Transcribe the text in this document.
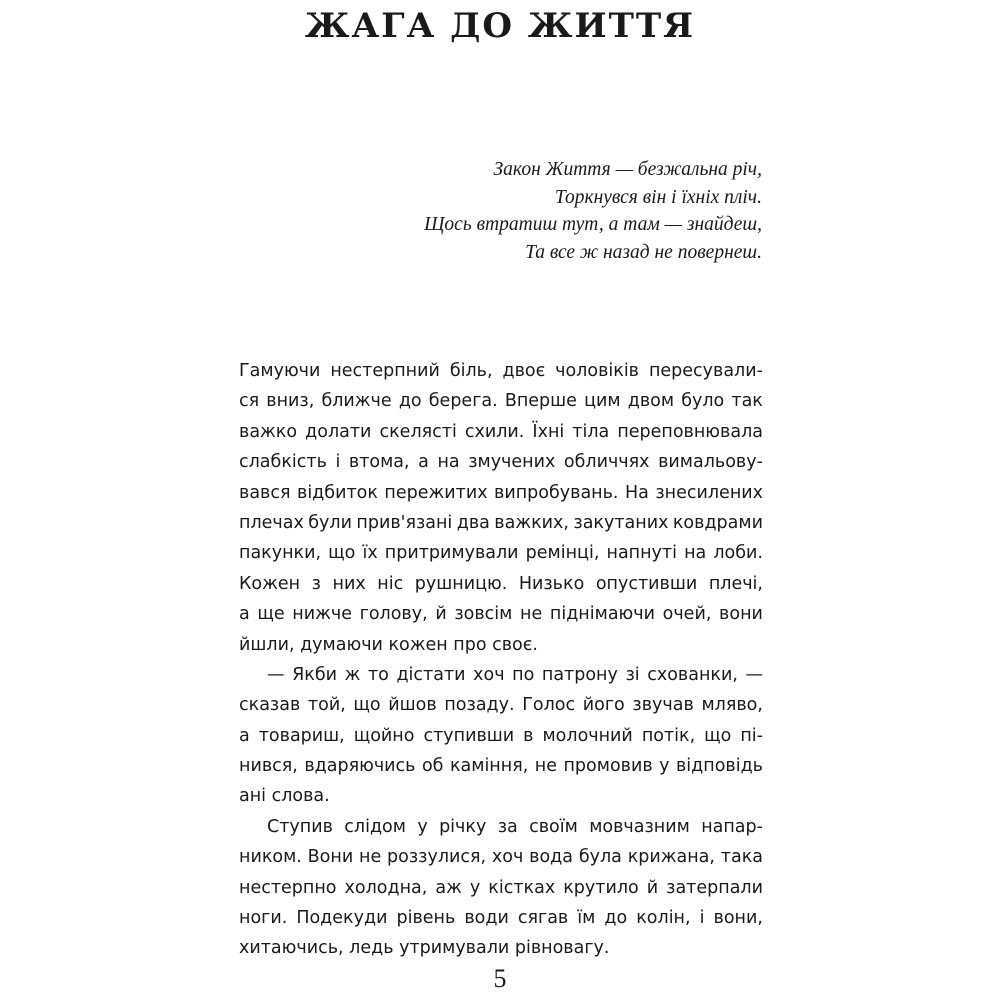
ЖАГА ДО ЖИТТЯ
Закон Життя — безжальна річ,
Торкнувся він і їхніх пліч.
Щось втратиш тут, а там — знайдеш,
Та все ж назад не повернеш.
Гамуючи нестерпний біль, двоє чоловіків пересували-
ся вниз, ближче до берега. Вперше цим двом було так
важко долати скелясті схили. Їхні тіла переповнювала
слабкість і втома, а на змучених обличчях вимальову-
вався відбиток пережитих випробувань. На знесилених
плечах були прив'язані два важких, закутаних ковдрами
пакунки, що їх притримували ремінці, напнуті на лоби.
Кожен з них ніс рушницю. Низько опустивши плечі,
а ще нижче голову, й зовсім не піднімаючи очей, вони
йшли, думаючи кожен про своє.
— Якби ж то дістати хоч по патрону зі схованки, —
сказав той, що йшов позаду. Голос його звучав мляво,
а товариш, щойно ступивши в молочний потік, що пі-
нився, вдаряючись об каміння, не промовив у відповідь
ані слова.
Ступив слідом у річку за своїм мовчазним напар-
ником. Вони не роззулися, хоч вода була крижана, така
нестерпно холодна, аж у кістках крутило й затерпали
ноги. Подекуди рівень води сягав їм до колін, і вони,
хитаючись, ледь утримували рівновагу.
5
